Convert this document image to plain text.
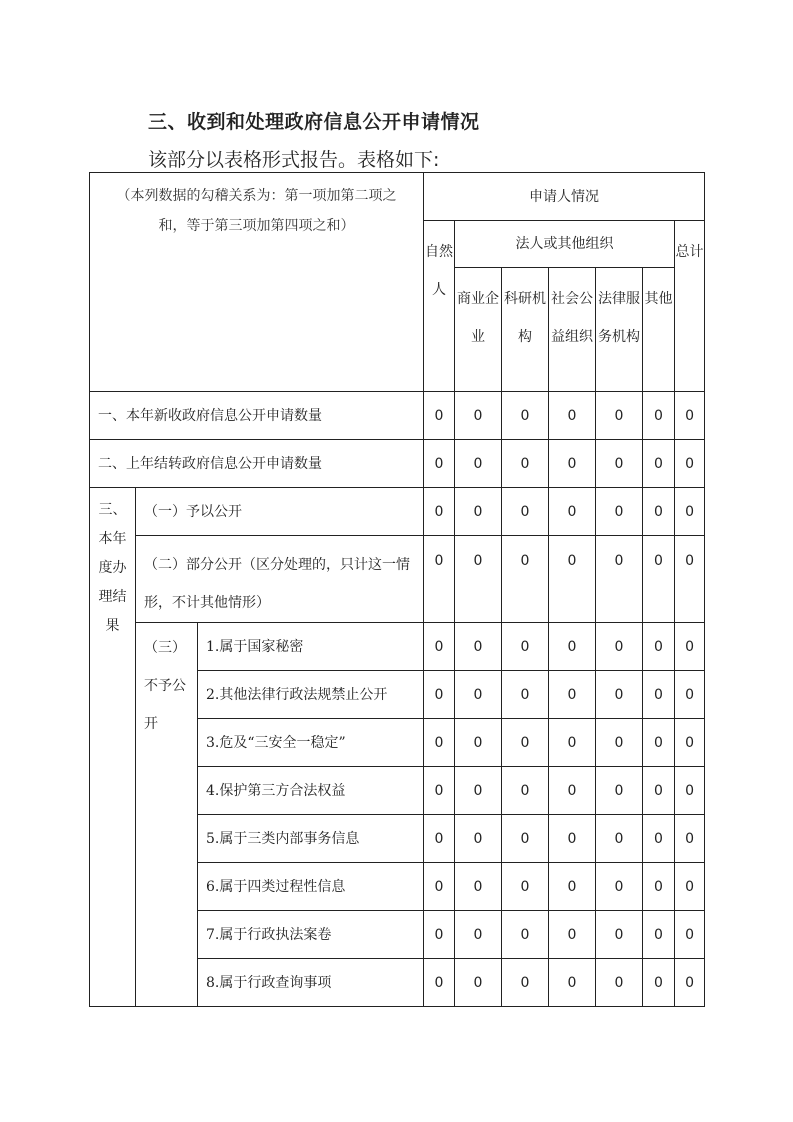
三、收到和处理政府信息公开申请情况
该部分以表格形式报告。表格如下:
（本列数据的勾稽关系为：第一项加第二项之
和，等于第三项加第四项之和）			申请人情况						
			自然人	法人或其他组织					总计
				商业企业	科研机构	社会公益组织	法律服务机构	其他	
一、本年新收政府信息公开申请数量			0	0	0	0	0	0	0
二、上年结转政府信息公开申请数量			0	0	0	0	0	0	0
三、本年度办理结果	（一）予以公开		0	0	0	0	0	0	0
	（二）部分公开（区分处理的，只计这一情形，不计其他情形）		0	0	0	0	0	0	0
	（三）不予公开	1.属于国家秘密	0	0	0	0	0	0	0
		2.其他法律行政法规禁止公开	0	0	0	0	0	0	0
		3.危及“三安全一稳定”	0	0	0	0	0	0	0
		4.保护第三方合法权益	0	0	0	0	0	0	0
		5.属于三类内部事务信息	0	0	0	0	0	0	0
		6.属于四类过程性信息	0	0	0	0	0	0	0
		7.属于行政执法案卷	0	0	0	0	0	0	0
		8.属于行政查询事项	0	0	0	0	0	0	0
